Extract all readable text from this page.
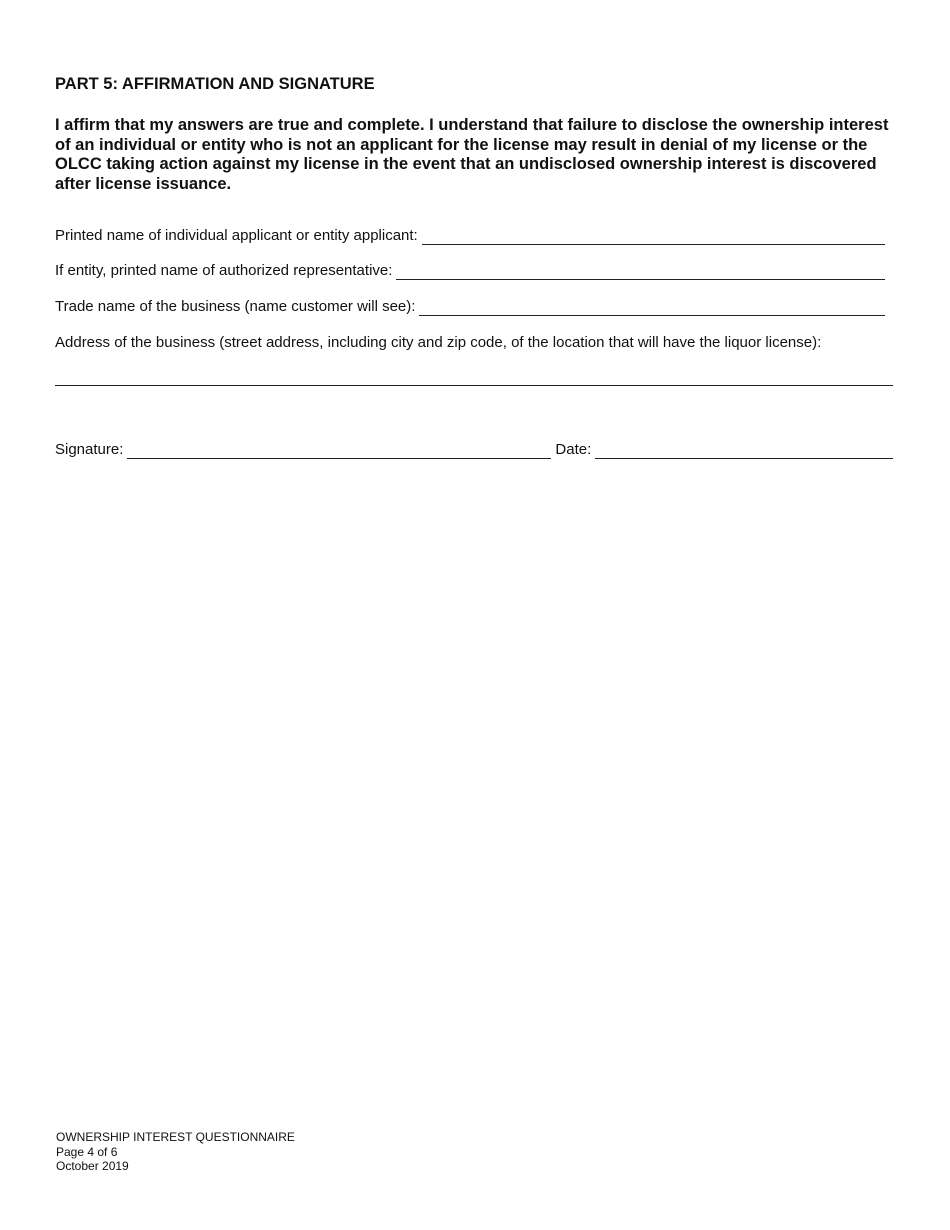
PART 5: AFFIRMATION AND SIGNATURE

I affirm that my answers are true and complete. I understand that failure to disclose the ownership interest of an individual or entity who is not an applicant for the license may result in denial of my license or the OLCC taking action against my license in the event that an undisclosed ownership interest is discovered after license issuance.

Printed name of individual applicant or entity applicant:
If entity, printed name of authorized representative:
Trade name of the business (name customer will see):
Address of the business (street address, including city and zip code, of the location that will have the liquor license):
Signature:	Date:
OWNERSHIP INTEREST QUESTIONNAIRE
Page 4 of 6
October 2019
